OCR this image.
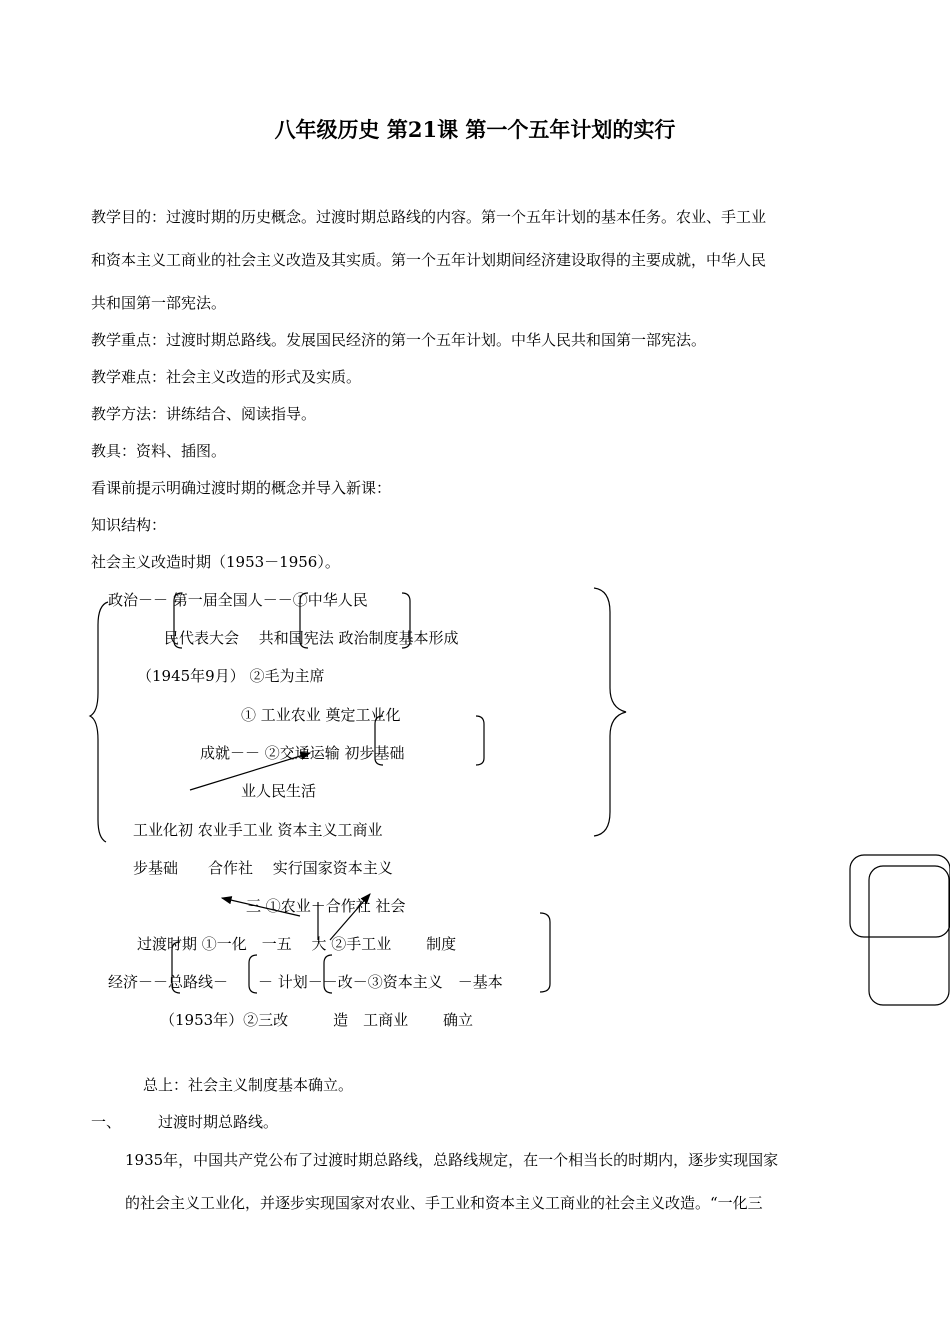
八年级历史 第21课 第一个五年计划的实行
教学目的：过渡时期的历史概念。过渡时期总路线的内容。第一个五年计划的基本任务。农业、手工业
和资本主义工商业的社会主义改造及其实质。第一个五年计划期间经济建设取得的主要成就，中华人民
共和国第一部宪法。
教学重点：过渡时期总路线。发展国民经济的第一个五年计划。中华人民共和国第一部宪法。
教学难点：社会主义改造的形式及实质。
教学方法：讲练结合、阅读指导。
教具：资料、插图。
看课前提示明确过渡时期的概念并导入新课：
知识结构：
社会主义改造时期（1953－1956）。
政治－－ 第一届全国人－－①中华人民
民代表大会　 共和国宪法 政治制度基本形成
（1945年9月） ②毛为主席
① 工业农业 奠定工业化
成就－－ ②交通运输 初步基础
业人民生活
工业化初 农业手工业 资本主义工商业
步基础　　合作社　 实行国家资本主义
三 ①农业－合作社 社会
过渡时期 ①一化　一五　 大 ②手工业　　 制度
经济－－总路线－　　－ 计划－－改－③资本主义　－基本
（1953年）②三改　　　造　工商业　　 确立
总上：社会主义制度基本确立。
一、 过渡时期总路线。
1935年，中国共产党公布了过渡时期总路线，总路线规定，在一个相当长的时期内，逐步实现国家
的社会主义工业化，并逐步实现国家对农业、手工业和资本主义工商业的社会主义改造。“一化三
